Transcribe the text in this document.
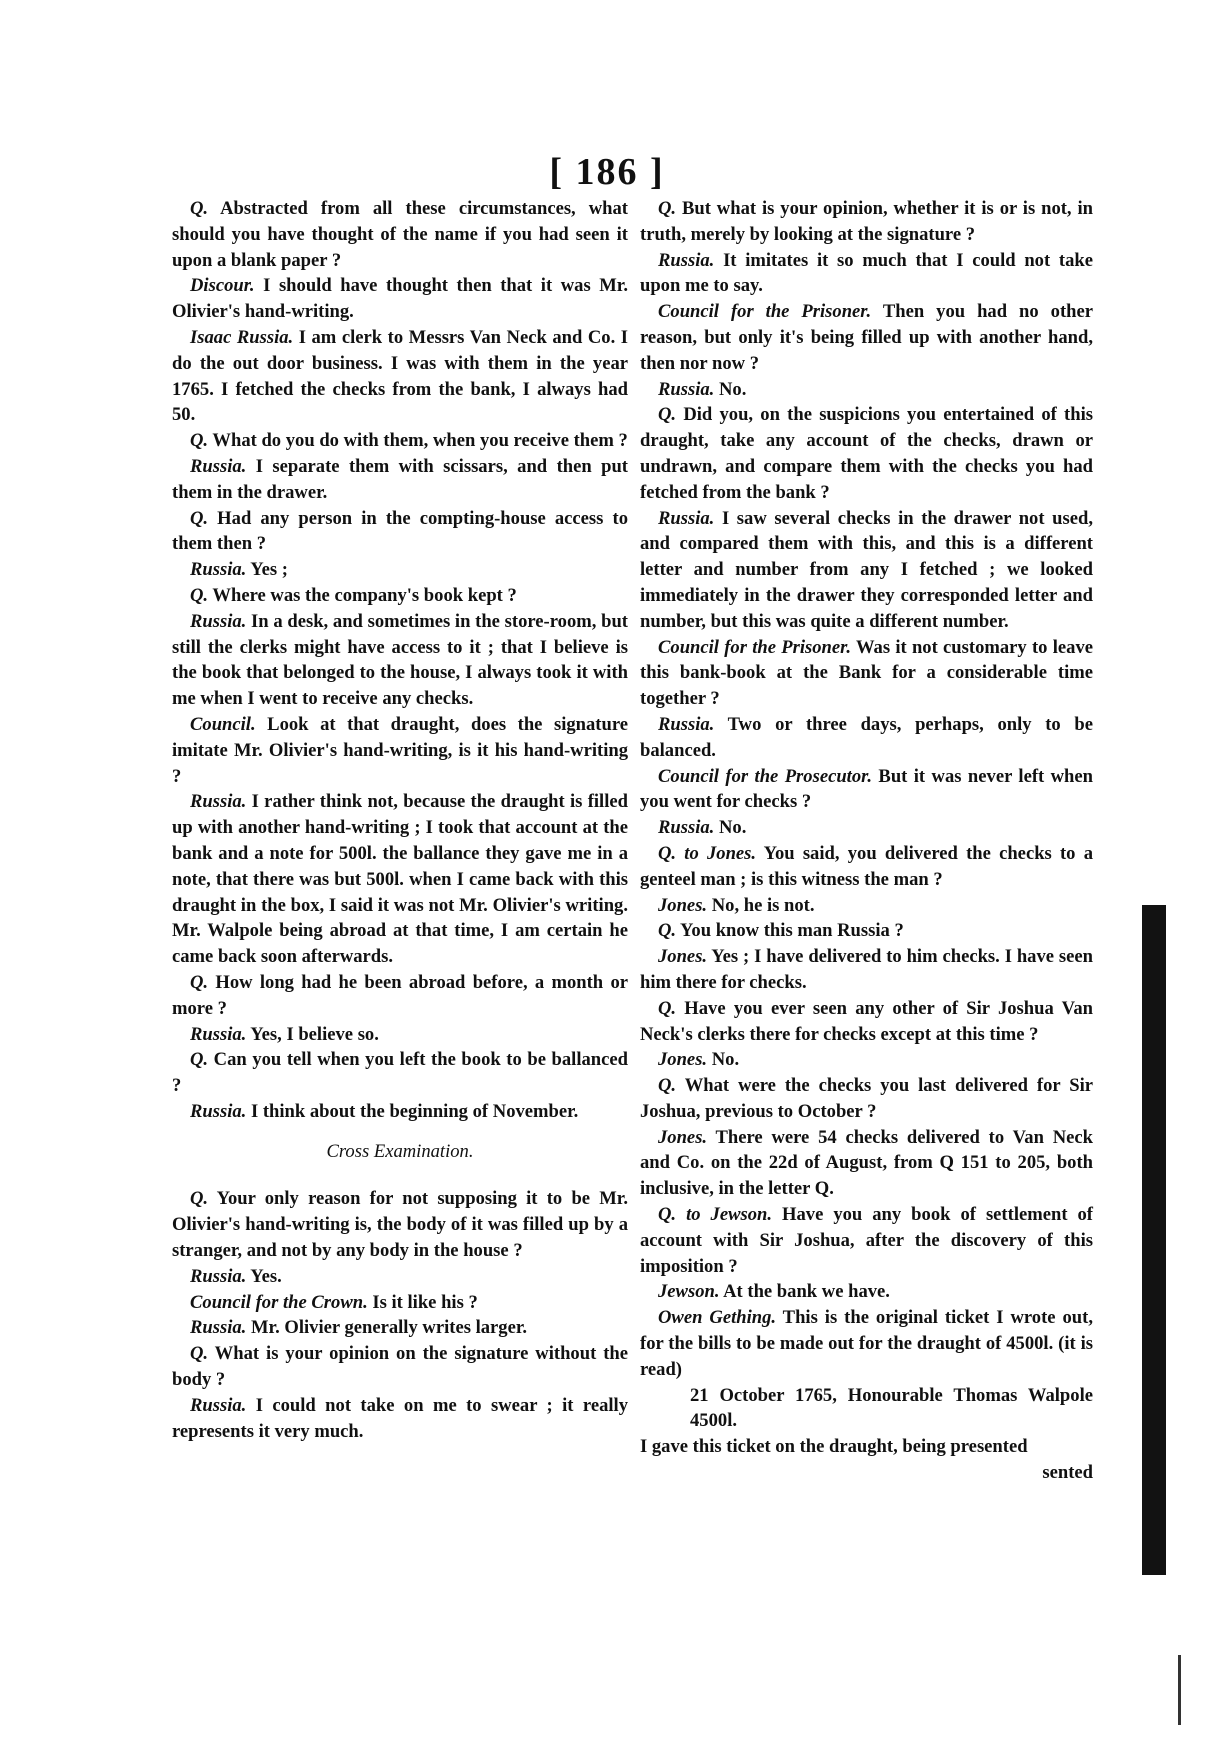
[ 186 ]

Q. Abstracted from all these circumstances, what should you have thought of the name if you had seen it upon a blank paper ?

Discour. I should have thought then that it was Mr. Olivier's hand-writing.

Isaac Russia. I am clerk to Messrs Van Neck and Co. I do the out door business. I was with them in the year 1765. I fetched the checks from the bank, I always had 50.

Q. What do you do with them, when you receive them ?

Russia. I separate them with scissars, and then put them in the drawer.

Q. Had any person in the compting-house access to them then ?

Russia. Yes ;

Q. Where was the company's book kept ?

Russia. In a desk, and sometimes in the store-room, but still the clerks might have access to it ; that I believe is the book that belonged to the house, I always took it with me when I went to receive any checks.

Council. Look at that draught, does the signature imitate Mr. Olivier's hand-writing, is it his hand-writing ?

Russia. I rather think not, because the draught is filled up with another hand-writing ; I took that account at the bank and a note for 500l. the ballance they gave me in a note, that there was but 500l. when I came back with this draught in the box, I said it was not Mr. Olivier's writing. Mr. Walpole being abroad at that time, I am certain he came back soon afterwards.

Q. How long had he been abroad before, a month or more ?

Russia. Yes, I believe so.

Q. Can you tell when you left the book to be ballanced ?

Russia. I think about the beginning of November.

Cross Examination.

Q. Your only reason for not supposing it to be Mr. Olivier's hand-writing is, the body of it was filled up by a stranger, and not by any body in the house ?

Russia. Yes.

Council for the Crown. Is it like his ?

Russia. Mr. Olivier generally writes larger.

Q. What is your opinion on the signature without the body ?

Russia. I could not take on me to swear ; it really represents it very much.

Q. But what is your opinion, whether it is or is not, in truth, merely by looking at the signature ?

Russia. It imitates it so much that I could not take upon me to say.

Council for the Prisoner. Then you had no other reason, but only it's being filled up with another hand, then nor now ?

Russia. No.

Q. Did you, on the suspicions you entertained of this draught, take any account of the checks, drawn or undrawn, and compare them with the checks you had fetched from the bank ?

Russia. I saw several checks in the drawer not used, and compared them with this, and this is a different letter and number from any I fetched ; we looked immediately in the drawer they corresponded letter and number, but this was quite a different number.

Council for the Prisoner. Was it not customary to leave this bank-book at the Bank for a considerable time together ?

Russia. Two or three days, perhaps, only to be balanced.

Council for the Prosecutor. But it was never left when you went for checks ?

Russia. No.

Q. to Jones. You said, you delivered the checks to a genteel man ; is this witness the man ?

Jones. No, he is not.

Q. You know this man Russia ?

Jones. Yes ; I have delivered to him checks. I have seen him there for checks.

Q. Have you ever seen any other of Sir Joshua Van Neck's clerks there for checks except at this time ?

Jones. No.

Q. What were the checks you last delivered for Sir Joshua, previous to October ?

Jones. There were 54 checks delivered to Van Neck and Co. on the 22d of August, from Q 151 to 205, both inclusive, in the letter Q.

Q. to Jewson. Have you any book of settlement of account with Sir Joshua, after the discovery of this imposition ?

Jewson. At the bank we have.

Owen Gething. This is the original ticket I wrote out, for the bills to be made out for the draught of 4500l. (it is read)

21 October 1765, Honourable Thomas Walpole 4500l.

I gave this ticket on the draught, being presented

sented
